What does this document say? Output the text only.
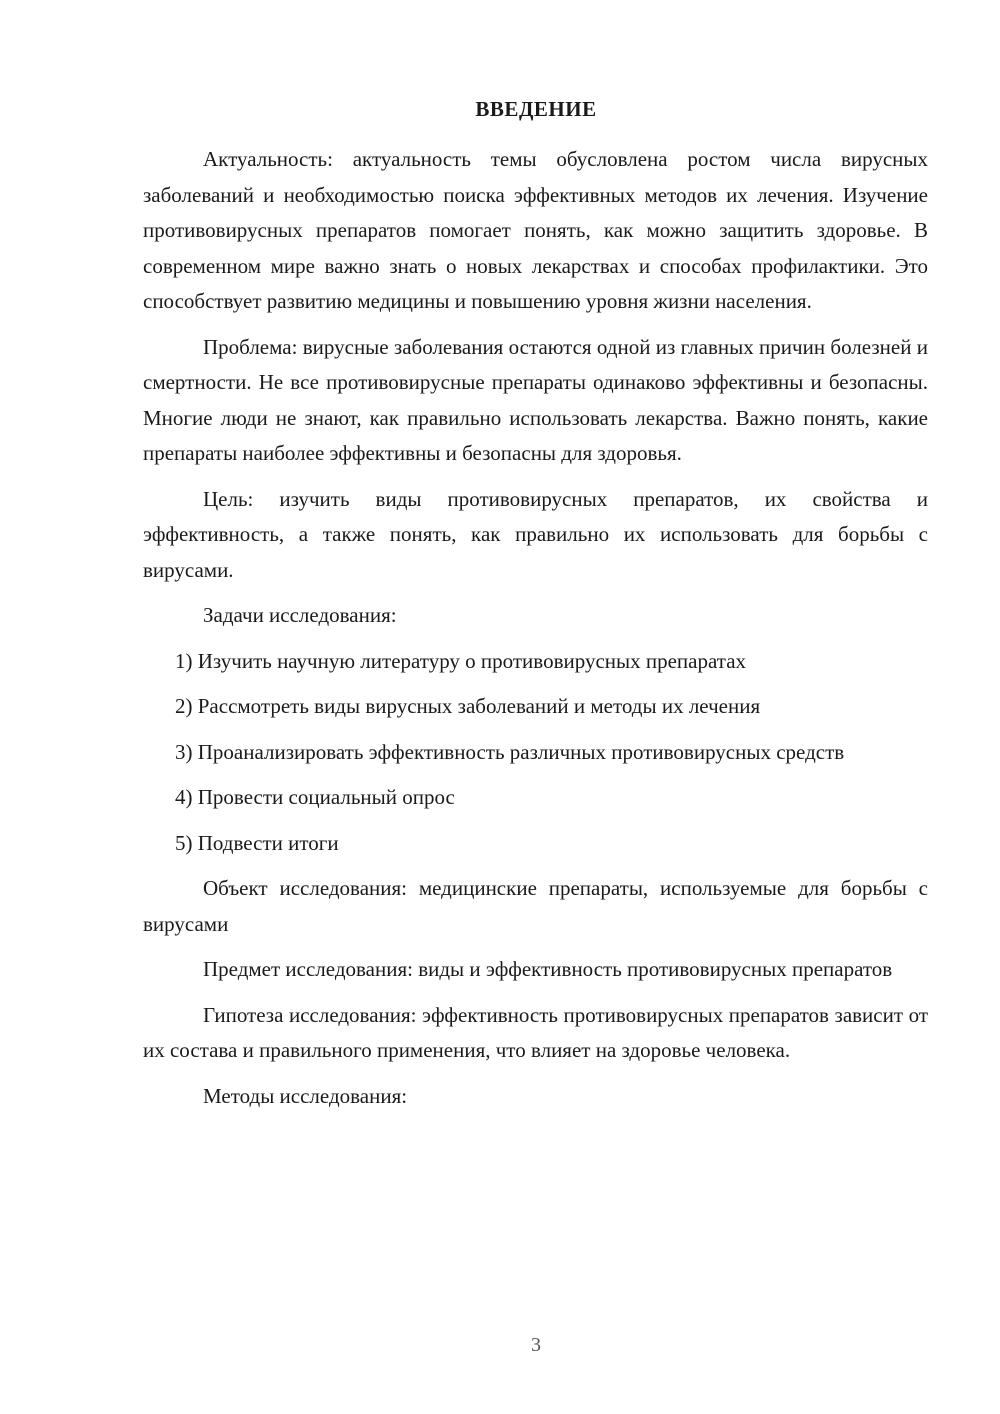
ВВЕДЕНИЕ

Актуальность: актуальность темы обусловлена ростом числа вирусных заболеваний и необходимостью поиска эффективных методов их лечения. Изучение противовирусных препаратов помогает понять, как можно защитить здоровье. В современном мире важно знать о новых лекарствах и способах профилактики. Это способствует развитию медицины и повышению уровня жизни населения.

Проблема: вирусные заболевания остаются одной из главных причин болезней и смертности. Не все противовирусные препараты одинаково эффективны и безопасны. Многие люди не знают, как правильно использовать лекарства. Важно понять, какие препараты наиболее эффективны и безопасны для здоровья.

Цель: изучить виды противовирусных препаратов, их свойства и эффективность, а также понять, как правильно их использовать для борьбы с вирусами.

Задачи исследования:

1) Изучить научную литературу о противовирусных препаратах

2) Рассмотреть виды вирусных заболеваний и методы их лечения

3) Проанализировать эффективность различных противовирусных средств

4) Провести социальный опрос

5) Подвести итоги

Объект исследования: медицинские препараты, используемые для борьбы с вирусами

Предмет исследования: виды и эффективность противовирусных препаратов

Гипотеза исследования: эффективность противовирусных препаратов зависит от их состава и правильного применения, что влияет на здоровье человека.

Методы исследования:

3
